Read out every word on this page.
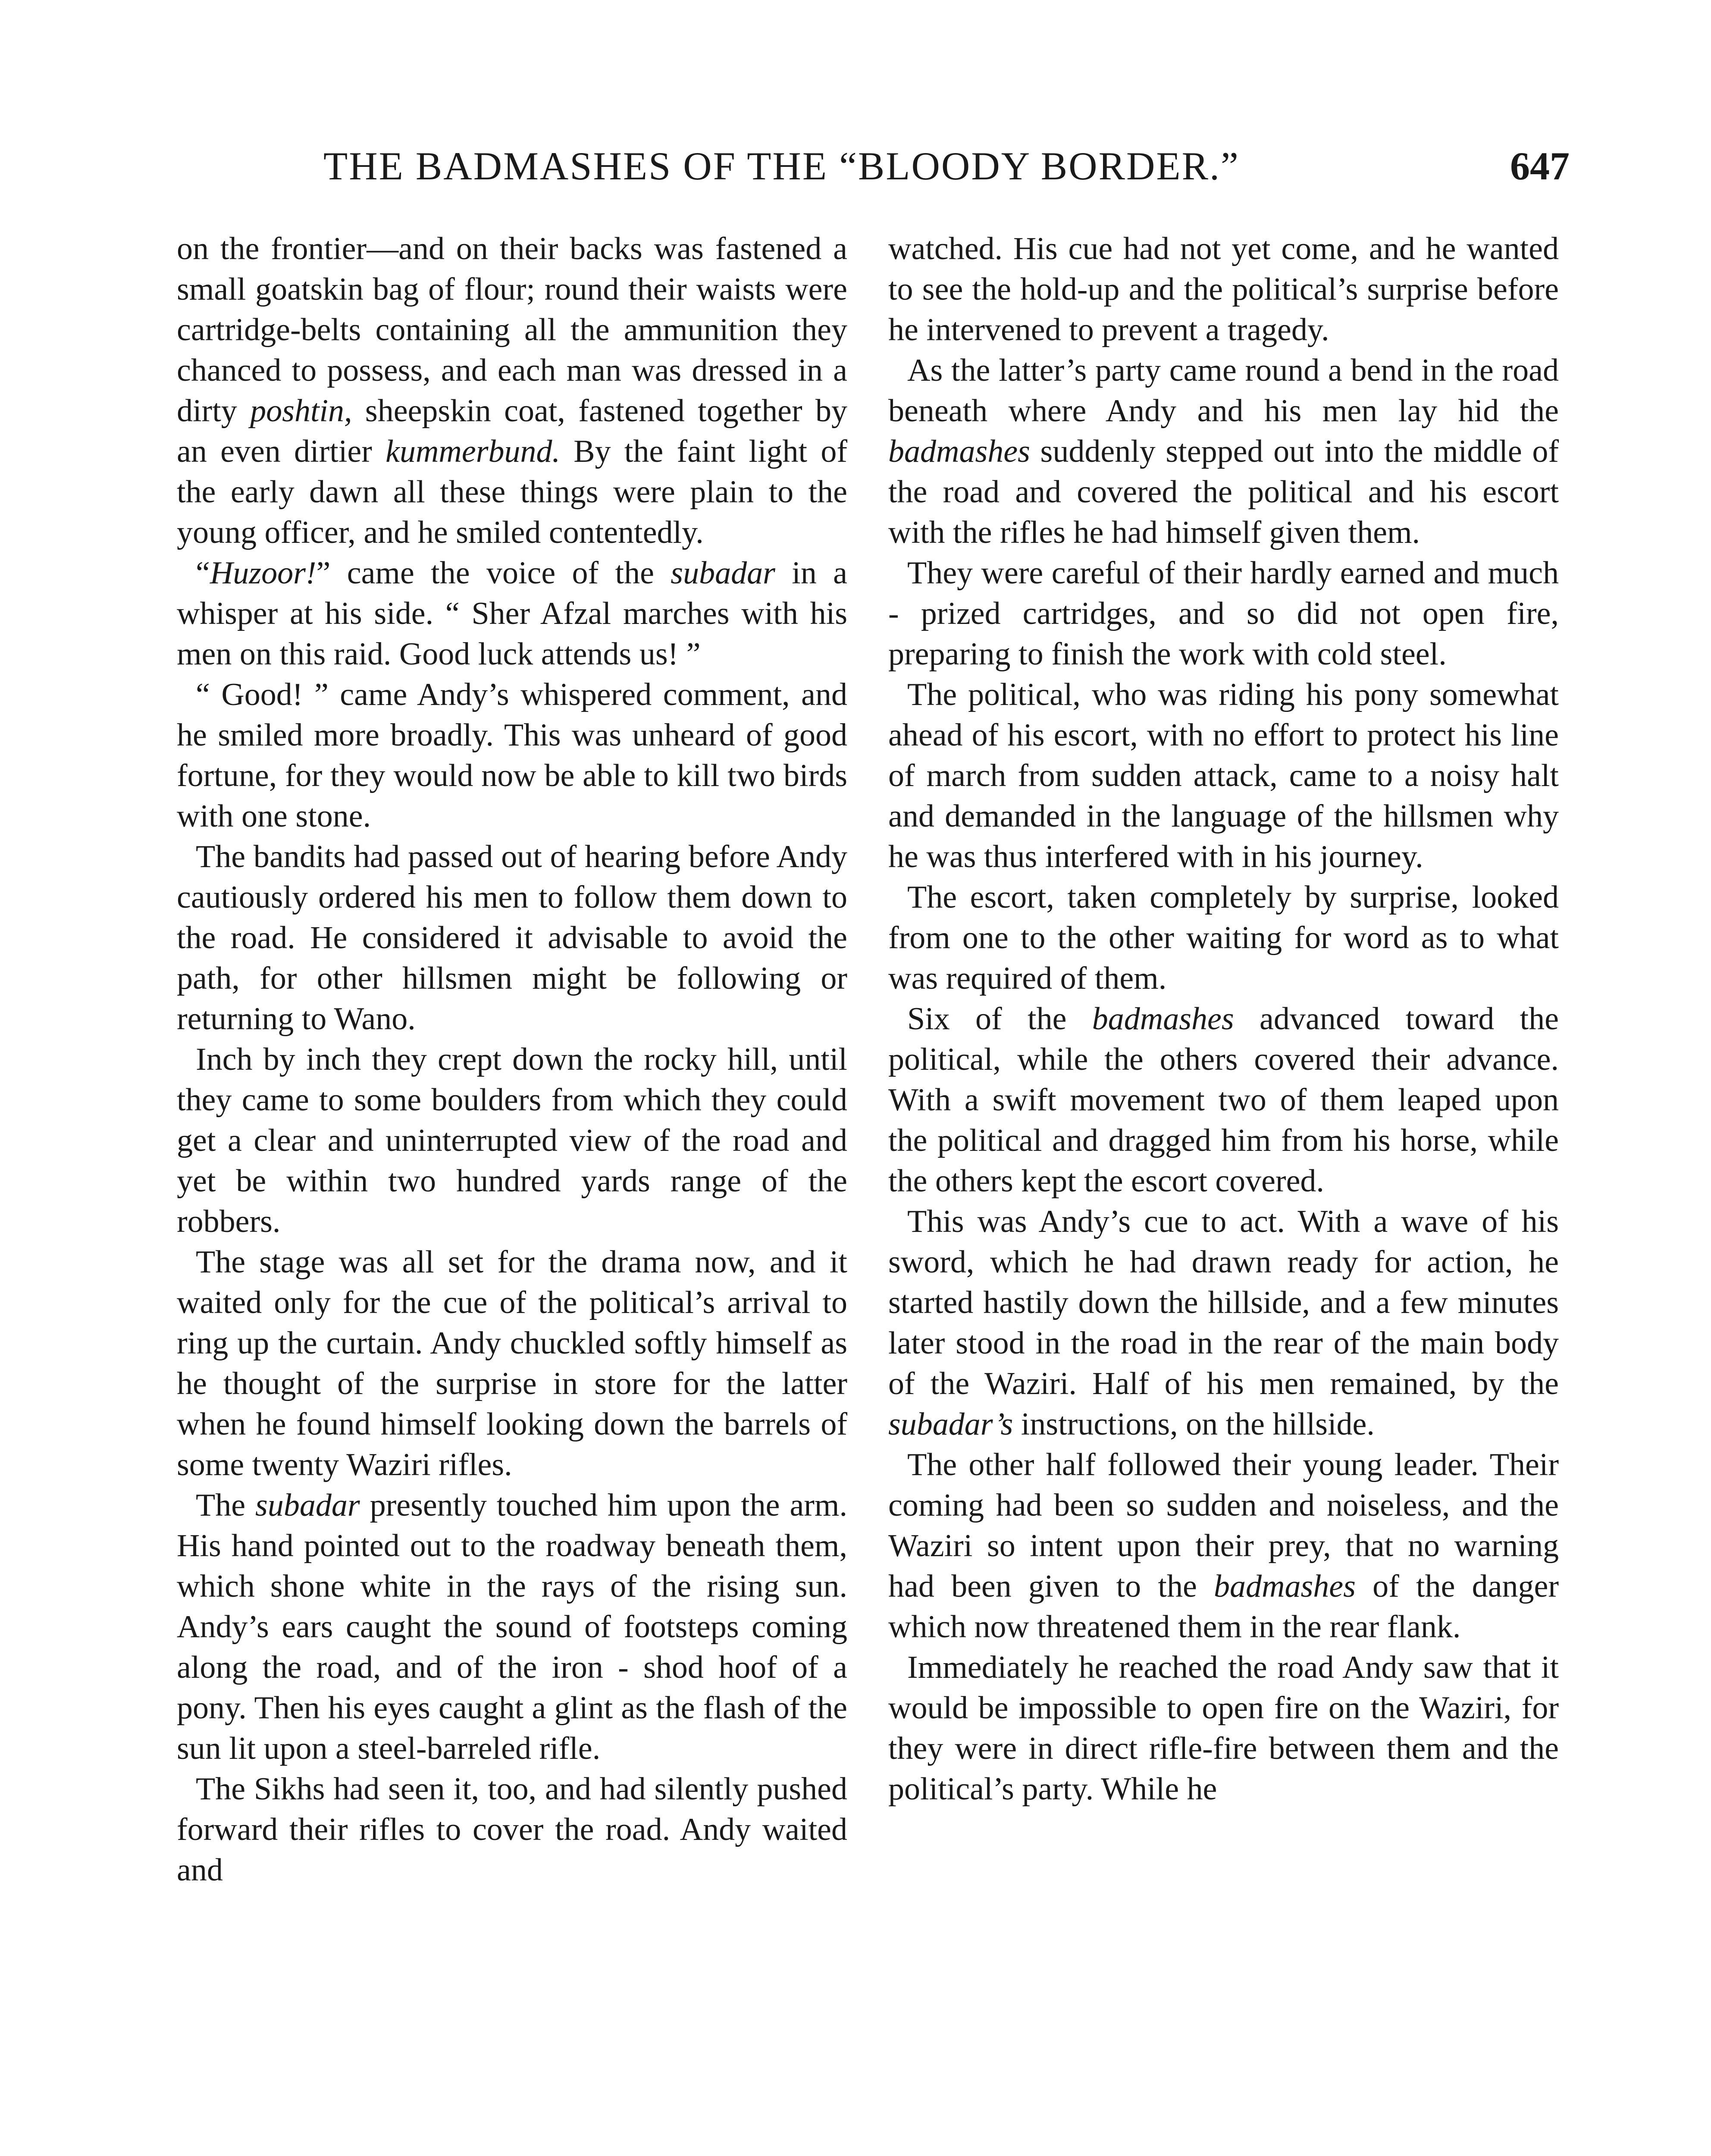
THE BADMASHES OF THE “BLOODY BORDER.”	647

on the frontier—and on their backs was fastened a small goatskin bag of flour; round their waists were cartridge-belts containing all the ammunition they chanced to possess, and each man was dressed in a dirty poshtin, sheepskin coat, fastened together by an even dirtier kummerbund. By the faint light of the early dawn all these things were plain to the young officer, and he smiled contentedly.

“Huzoor!” came the voice of the subadar in a whisper at his side. “ Sher Afzal marches with his men on this raid. Good luck attends us! ”

“ Good! ” came Andy’s whispered comment, and he smiled more broadly. This was unheard of good fortune, for they would now be able to kill two birds with one stone.

The bandits had passed out of hearing before Andy cautiously ordered his men to follow them down to the road. He considered it advisable to avoid the path, for other hillsmen might be following or returning to Wano.

Inch by inch they crept down the rocky hill, until they came to some boulders from which they could get a clear and uninterrupted view of the road and yet be within two hundred yards range of the robbers.

The stage was all set for the drama now, and it waited only for the cue of the political’s arrival to ring up the curtain. Andy chuckled softly himself as he thought of the surprise in store for the latter when he found himself looking down the barrels of some twenty Waziri rifles.

The subadar presently touched him upon the arm. His hand pointed out to the roadway beneath them, which shone white in the rays of the rising sun. Andy’s ears caught the sound of footsteps coming along the road, and of the iron - shod hoof of a pony. Then his eyes caught a glint as the flash of the sun lit upon a steel-barreled rifle.

The Sikhs had seen it, too, and had silently pushed forward their rifles to cover the road. Andy waited and

watched. His cue had not yet come, and he wanted to see the hold-up and the political’s surprise before he intervened to prevent a tragedy.

As the latter’s party came round a bend in the road beneath where Andy and his men lay hid the badmashes suddenly stepped out into the middle of the road and covered the political and his escort with the rifles he had himself given them.

They were careful of their hardly earned and much - prized cartridges, and so did not open fire, preparing to finish the work with cold steel.

The political, who was riding his pony somewhat ahead of his escort, with no effort to protect his line of march from sudden attack, came to a noisy halt and demanded in the language of the hillsmen why he was thus interfered with in his journey.

The escort, taken completely by surprise, looked from one to the other waiting for word as to what was required of them.

Six of the badmashes advanced toward the political, while the others covered their advance. With a swift movement two of them leaped upon the political and dragged him from his horse, while the others kept the escort covered.

This was Andy’s cue to act. With a wave of his sword, which he had drawn ready for action, he started hastily down the hillside, and a few minutes later stood in the road in the rear of the main body of the Waziri. Half of his men remained, by the subadar’s instructions, on the hillside.

The other half followed their young leader. Their coming had been so sudden and noiseless, and the Waziri so intent upon their prey, that no warning had been given to the badmashes of the danger which now threatened them in the rear flank.

Immediately he reached the road Andy saw that it would be impossible to open fire on the Waziri, for they were in direct rifle-fire between them and the political’s party. While he
